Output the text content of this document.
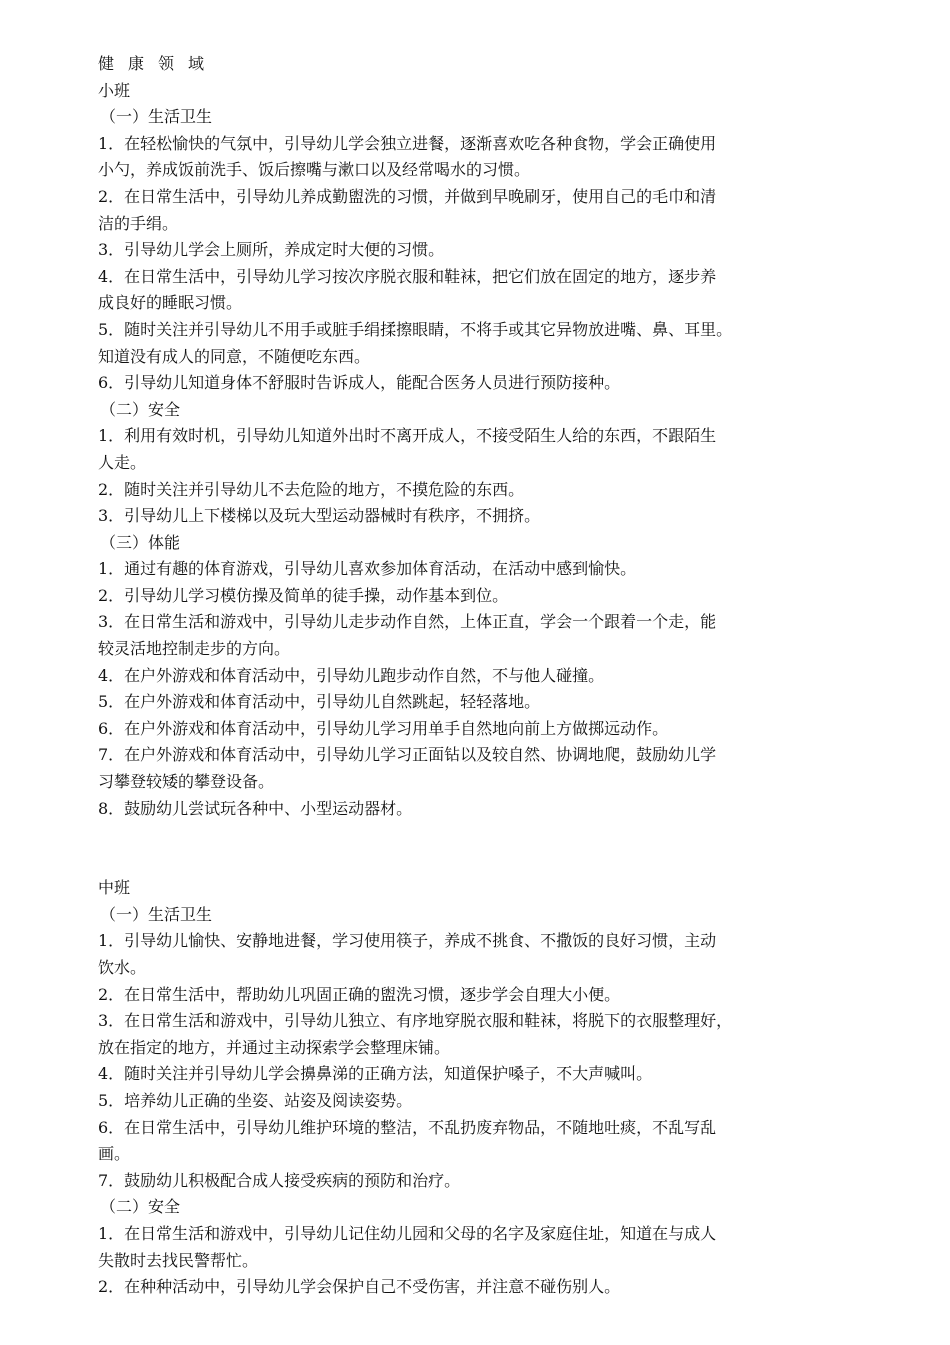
健康领域
小班
（一）生活卫生
1．在轻松愉快的气氛中，引导幼儿学会独立进餐，逐渐喜欢吃各种食物，学会正确使用
小勺，养成饭前洗手、饭后擦嘴与漱口以及经常喝水的习惯。
2．在日常生活中，引导幼儿养成勤盥洗的习惯，并做到早晚刷牙，使用自己的毛巾和清
洁的手绢。
3．引导幼儿学会上厕所，养成定时大便的习惯。
4．在日常生活中，引导幼儿学习按次序脱衣服和鞋袜，把它们放在固定的地方，逐步养
成良好的睡眠习惯。
5．随时关注并引导幼儿不用手或脏手绢揉擦眼睛，不将手或其它异物放进嘴、鼻、耳里。
知道没有成人的同意，不随便吃东西。
6．引导幼儿知道身体不舒服时告诉成人，能配合医务人员进行预防接种。
（二）安全
1．利用有效时机，引导幼儿知道外出时不离开成人，不接受陌生人给的东西，不跟陌生
人走。
2．随时关注并引导幼儿不去危险的地方，不摸危险的东西。
3．引导幼儿上下楼梯以及玩大型运动器械时有秩序，不拥挤。
（三）体能
1．通过有趣的体育游戏，引导幼儿喜欢参加体育活动，在活动中感到愉快。
2．引导幼儿学习模仿操及简单的徒手操，动作基本到位。
3．在日常生活和游戏中，引导幼儿走步动作自然，上体正直，学会一个跟着一个走，能
较灵活地控制走步的方向。
4．在户外游戏和体育活动中，引导幼儿跑步动作自然，不与他人碰撞。
5．在户外游戏和体育活动中，引导幼儿自然跳起，轻轻落地。
6．在户外游戏和体育活动中，引导幼儿学习用单手自然地向前上方做掷远动作。
7．在户外游戏和体育活动中，引导幼儿学习正面钻以及较自然、协调地爬，鼓励幼儿学
习攀登较矮的攀登设备。
8．鼓励幼儿尝试玩各种中、小型运动器材。
中班
（一）生活卫生
1．引导幼儿愉快、安静地进餐，学习使用筷子，养成不挑食、不撒饭的良好习惯，主动
饮水。
2．在日常生活中，帮助幼儿巩固正确的盥洗习惯，逐步学会自理大小便。
3．在日常生活和游戏中，引导幼儿独立、有序地穿脱衣服和鞋袜，将脱下的衣服整理好，
放在指定的地方，并通过主动探索学会整理床铺。
4．随时关注并引导幼儿学会擤鼻涕的正确方法，知道保护嗓子，不大声喊叫。
5．培养幼儿正确的坐姿、站姿及阅读姿势。
6．在日常生活中，引导幼儿维护环境的整洁，不乱扔废弃物品，不随地吐痰，不乱写乱
画。
7．鼓励幼儿积极配合成人接受疾病的预防和治疗。
（二）安全
1．在日常生活和游戏中，引导幼儿记住幼儿园和父母的名字及家庭住址，知道在与成人
失散时去找民警帮忙。
2．在种种活动中，引导幼儿学会保护自己不受伤害，并注意不碰伤别人。
